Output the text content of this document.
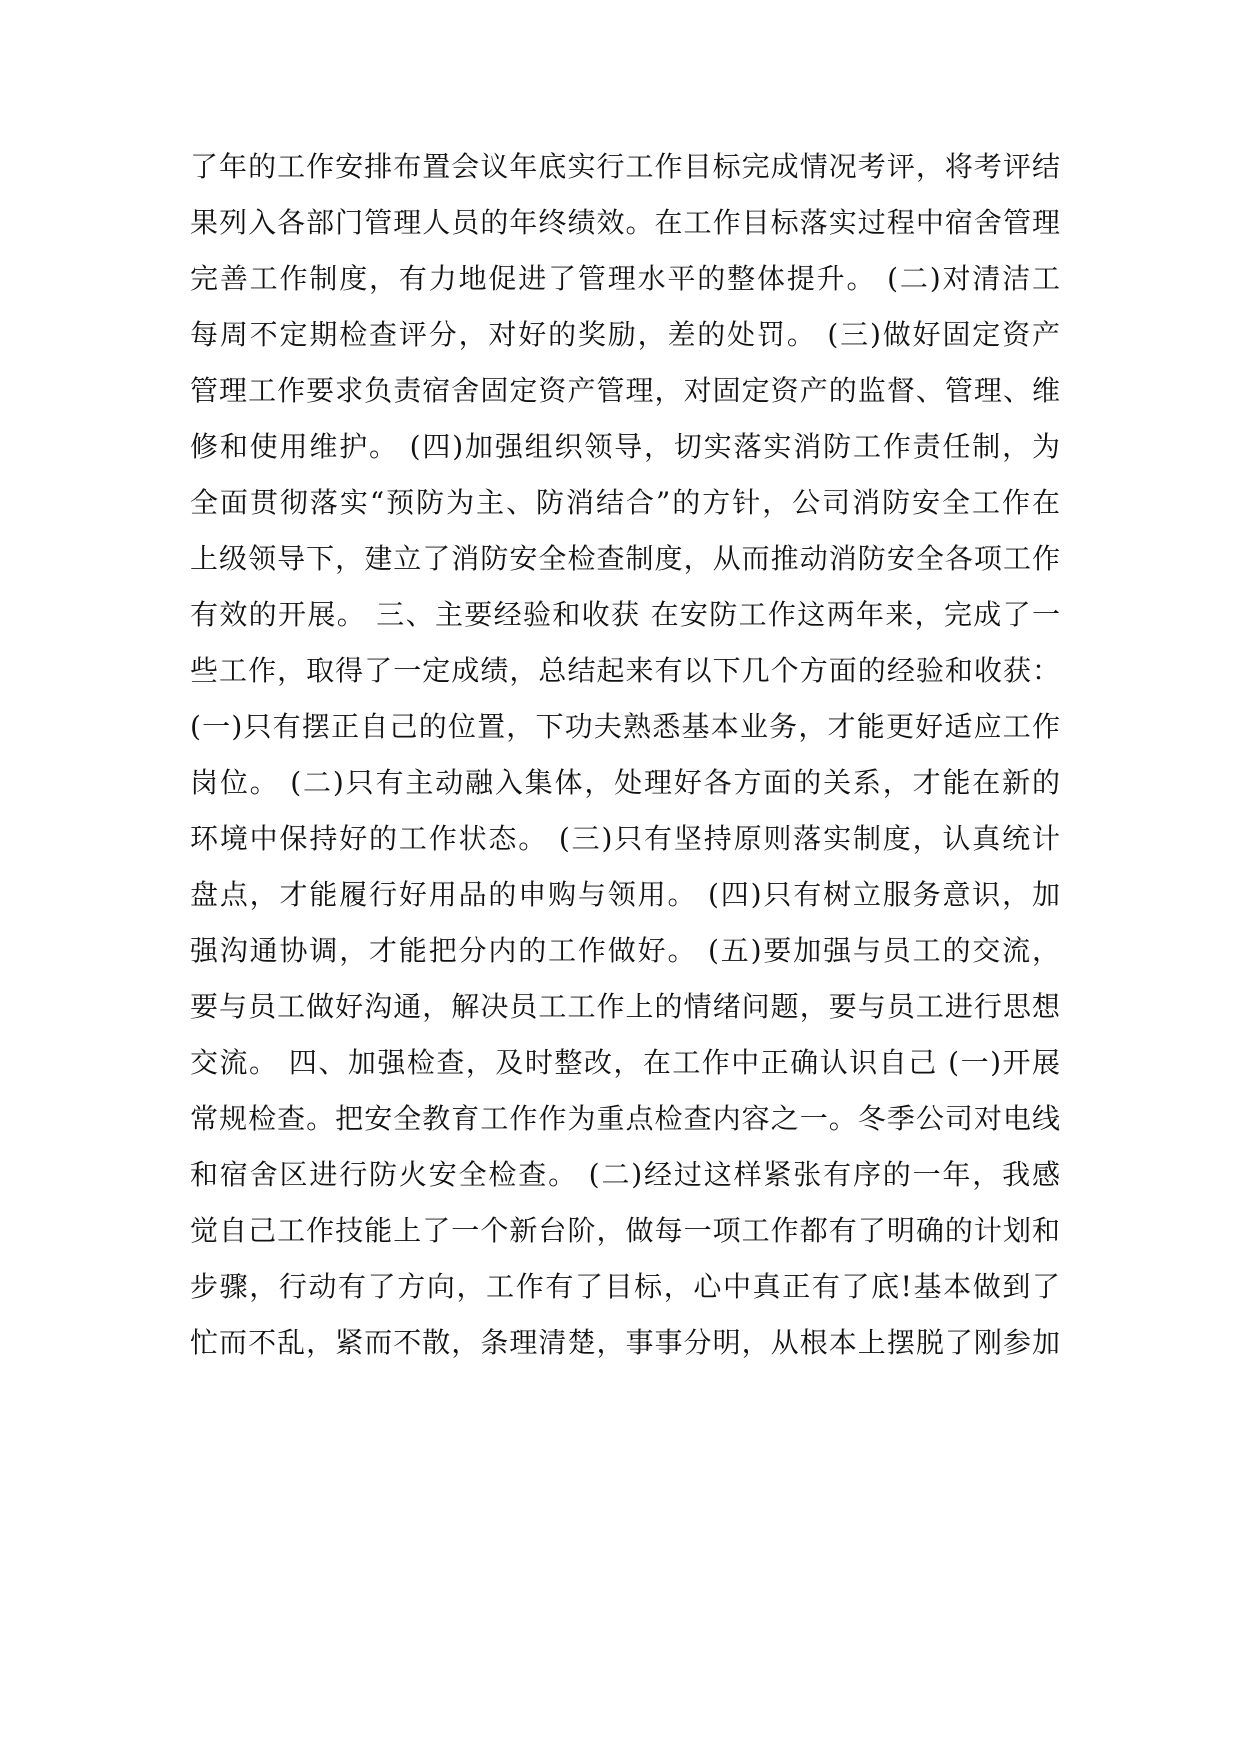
了年的工作安排布置会议年底实行工作目标完成情况考评，将考评结

果列入各部门管理人员的年终绩效。在工作目标落实过程中宿舍管理

完善工作制度，有力地促进了管理水平的整体提升。 (二)对清洁工

每周不定期检查评分，对好的奖励，差的处罚。 (三)做好固定资产

管理工作要求负责宿舍固定资产管理，对固定资产的监督、管理、维

修和使用维护。 (四)加强组织领导，切实落实消防工作责任制，为

全面贯彻落实“预防为主、防消结合”的方针，公司消防安全工作在

上级领导下，建立了消防安全检查制度，从而推动消防安全各项工作

有效的开展。 三、主要经验和收获 在安防工作这两年来，完成了一

些工作，取得了一定成绩，总结起来有以下几个方面的经验和收获：

(一)只有摆正自己的位置，下功夫熟悉基本业务，才能更好适应工作

岗位。 (二)只有主动融入集体，处理好各方面的关系，才能在新的

环境中保持好的工作状态。 (三)只有坚持原则落实制度，认真统计

盘点，才能履行好用品的申购与领用。 (四)只有树立服务意识，加

强沟通协调，才能把分内的工作做好。 (五)要加强与员工的交流，

要与员工做好沟通，解决员工工作上的情绪问题，要与员工进行思想

交流。 四、加强检查，及时整改，在工作中正确认识自己 (一)开展

常规检查。把安全教育工作作为重点检查内容之一。冬季公司对电线

和宿舍区进行防火安全检查。 (二)经过这样紧张有序的一年，我感

觉自己工作技能上了一个新台阶，做每一项工作都有了明确的计划和

步骤，行动有了方向，工作有了目标，心中真正有了底!基本做到了

忙而不乱，紧而不散，条理清楚，事事分明，从根本上摆脱了刚参加
